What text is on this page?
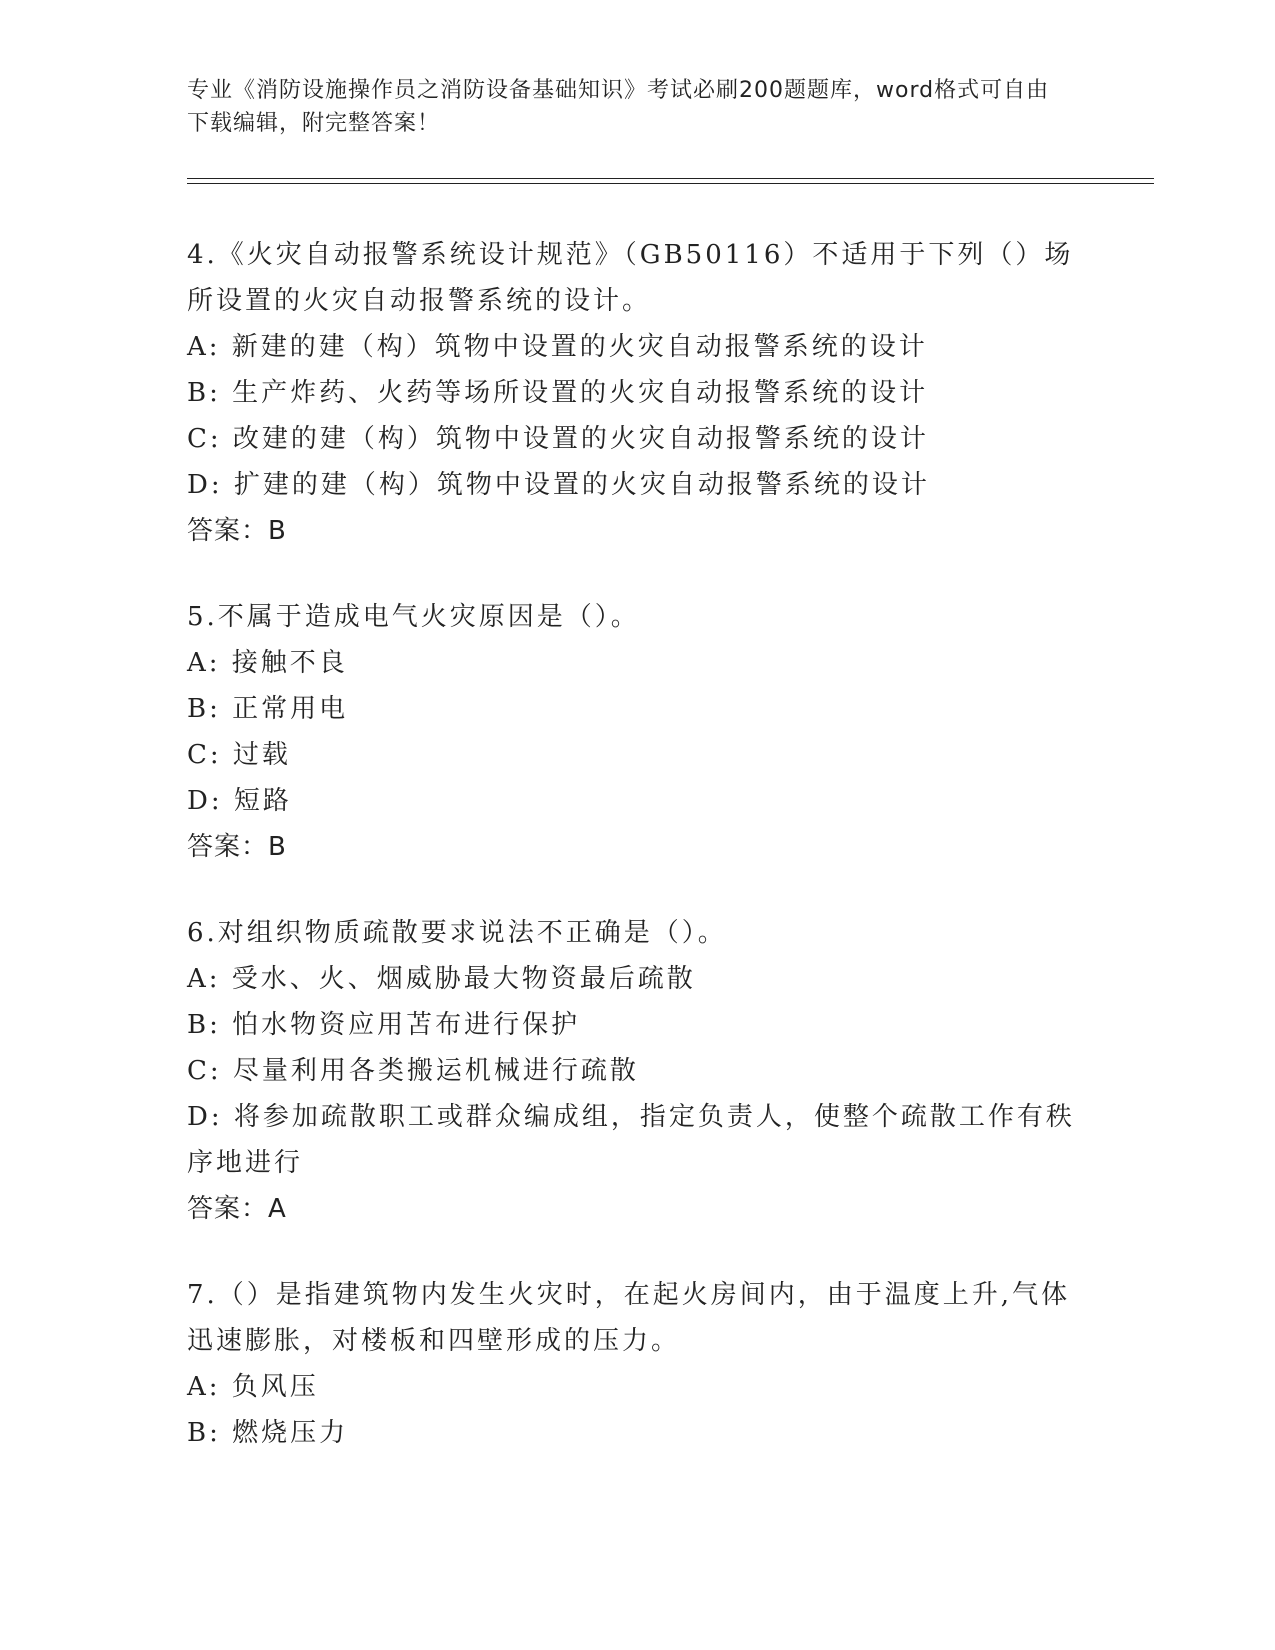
专业《消防设施操作员之消防设备基础知识》考试必刷200题题库，word格式可自由下载编辑，附完整答案！
4.《火灾自动报警系统设计规范》（GB50116）不适用于下列（）场所设置的火灾自动报警系统的设计。
A: 新建的建（构）筑物中设置的火灾自动报警系统的设计
B: 生产炸药、火药等场所设置的火灾自动报警系统的设计
C: 改建的建（构）筑物中设置的火灾自动报警系统的设计
D: 扩建的建（构）筑物中设置的火灾自动报警系统的设计
答案：B
5.不属于造成电气火灾原因是（）。
A: 接触不良
B: 正常用电
C: 过载
D: 短路
答案：B
6.对组织物质疏散要求说法不正确是（）。
A: 受水、火、烟威胁最大物资最后疏散
B: 怕水物资应用苫布进行保护
C: 尽量利用各类搬运机械进行疏散
D: 将参加疏散职工或群众编成组，指定负责人，使整个疏散工作有秩序地进行
答案：A
7.（）是指建筑物内发生火灾时，在起火房间内，由于温度上升,气体迅速膨胀，对楼板和四壁形成的压力。
A: 负风压
B: 燃烧压力
